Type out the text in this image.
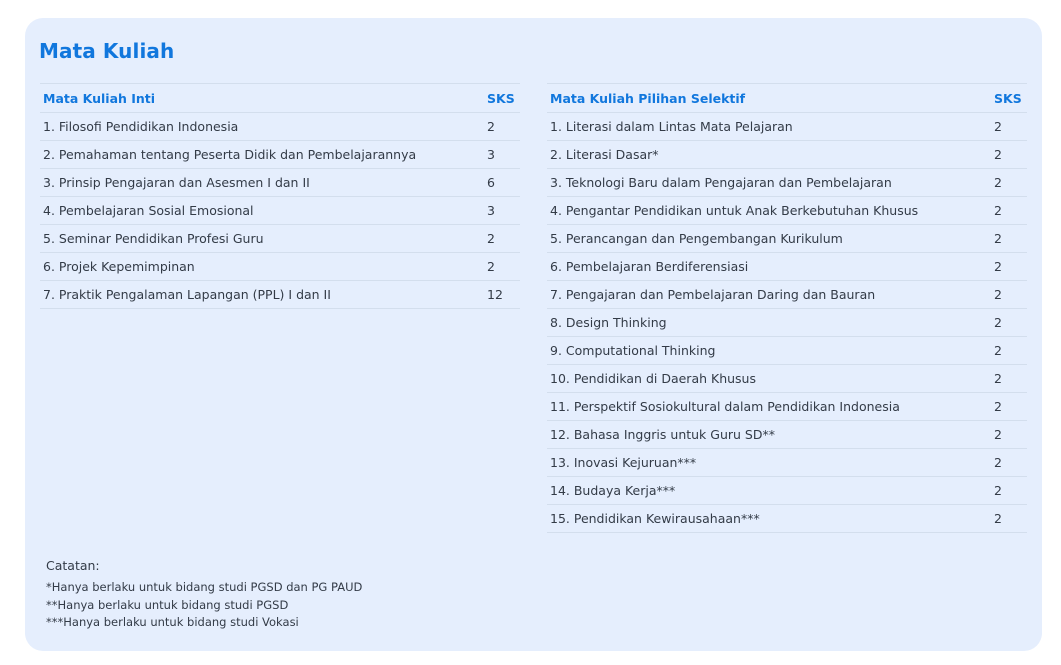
Mata Kuliah
Mata Kuliah Inti	SKS
1. Filosofi Pendidikan Indonesia	2
2. Pemahaman tentang Peserta Didik dan Pembelajarannya	3
3. Prinsip Pengajaran dan Asesmen I dan II	6
4. Pembelajaran Sosial Emosional	3
5. Seminar Pendidikan Profesi Guru	2
6. Projek Kepemimpinan	2
7. Praktik Pengalaman Lapangan (PPL) I dan II	12
Mata Kuliah Pilihan Selektif	SKS
1. Literasi dalam Lintas Mata Pelajaran	2
2. Literasi Dasar*	2
3. Teknologi Baru dalam Pengajaran dan Pembelajaran	2
4. Pengantar Pendidikan untuk Anak Berkebutuhan Khusus	2
5. Perancangan dan Pengembangan Kurikulum	2
6. Pembelajaran Berdiferensiasi	2
7. Pengajaran dan Pembelajaran Daring dan Bauran	2
8. Design Thinking	2
9. Computational Thinking	2
10. Pendidikan di Daerah Khusus	2
11. Perspektif Sosiokultural dalam Pendidikan Indonesia	2
12. Bahasa Inggris untuk Guru SD**	2
13. Inovasi Kejuruan***	2
14. Budaya Kerja***	2
15. Pendidikan Kewirausahaan***	2
Catatan:
*Hanya berlaku untuk bidang studi PGSD dan PG PAUD
**Hanya berlaku untuk bidang studi PGSD
***Hanya berlaku untuk bidang studi Vokasi
